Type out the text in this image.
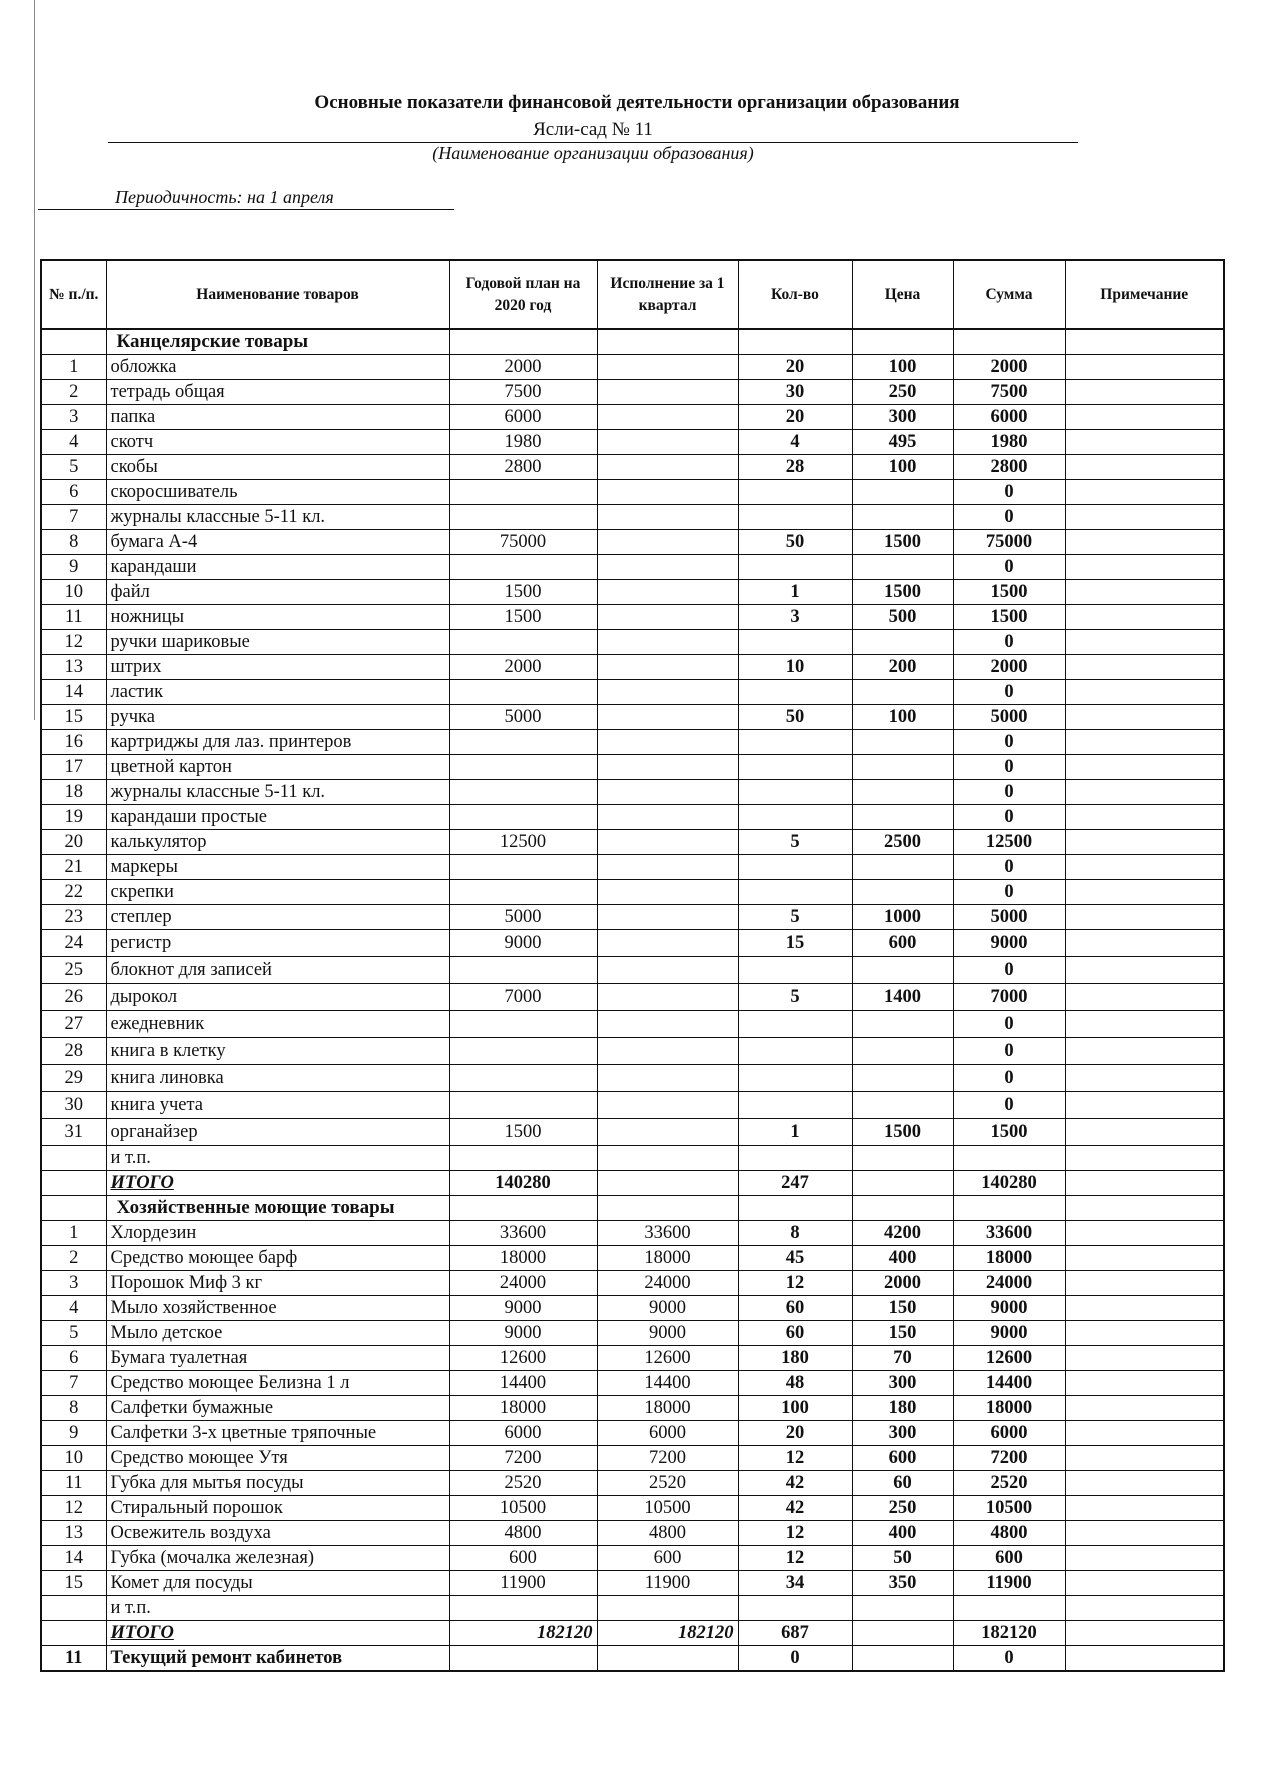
Основные показатели финансовой деятельности организации образования
Ясли-сад № 11
(Наименование организации образования)
Периодичность: на 1 апреля
№ п./п.	Наименование товаров	Годовой план на 2020 год	Исполнение за 1 квартал	Кол-во	Цена	Сумма	Примечание
	Канцелярские товары						
1	обложка	2000		20	100	2000	
2	тетрадь общая	7500		30	250	7500	
3	папка	6000		20	300	6000	
4	скотч	1980		4	495	1980	
5	скобы	2800		28	100	2800	
6	скоросшиватель					0	
7	журналы классные 5-11 кл.					0	
8	бумага А-4	75000		50	1500	75000	
9	карандаши					0	
10	файл	1500		1	1500	1500	
11	ножницы	1500		3	500	1500	
12	ручки шариковые					0	
13	штрих	2000		10	200	2000	
14	ластик					0	
15	ручка	5000		50	100	5000	
16	картриджы для лаз. принтеров					0	
17	цветной картон					0	
18	журналы классные 5-11 кл.					0	
19	карандаши простые					0	
20	калькулятор	12500		5	2500	12500	
21	маркеры					0	
22	скрепки					0	
23	степлер	5000		5	1000	5000	
24	регистр	9000		15	600	9000	
25	блокнот для записей					0	
26	дырокол	7000		5	1400	7000	
27	ежедневник					0	
28	книга в клетку					0	
29	книга линовка					0	
30	книга учета					0	
31	органайзер	1500		1	1500	1500	
	и т.п.						
	ИТОГО	140280		247		140280	
	Хозяйственные моющие товары						
1	Хлордезин	33600	33600	8	4200	33600	
2	Средство моющее барф	18000	18000	45	400	18000	
3	Порошок Миф 3 кг	24000	24000	12	2000	24000	
4	Мыло хозяйственное	9000	9000	60	150	9000	
5	Мыло детское	9000	9000	60	150	9000	
6	Бумага туалетная	12600	12600	180	70	12600	
7	Средство моющее Белизна 1 л	14400	14400	48	300	14400	
8	Салфетки бумажные	18000	18000	100	180	18000	
9	Салфетки 3-х цветные тряпочные	6000	6000	20	300	6000	
10	Средство моющее Утя	7200	7200	12	600	7200	
11	Губка для мытья посуды	2520	2520	42	60	2520	
12	Стиральный порошок	10500	10500	42	250	10500	
13	Освежитель воздуха	4800	4800	12	400	4800	
14	Губка (мочалка железная)	600	600	12	50	600	
15	Комет для посуды	11900	11900	34	350	11900	
	и т.п.						
	ИТОГО	182120	182120	687		182120	
11	Текущий ремонт кабинетов			0		0	
